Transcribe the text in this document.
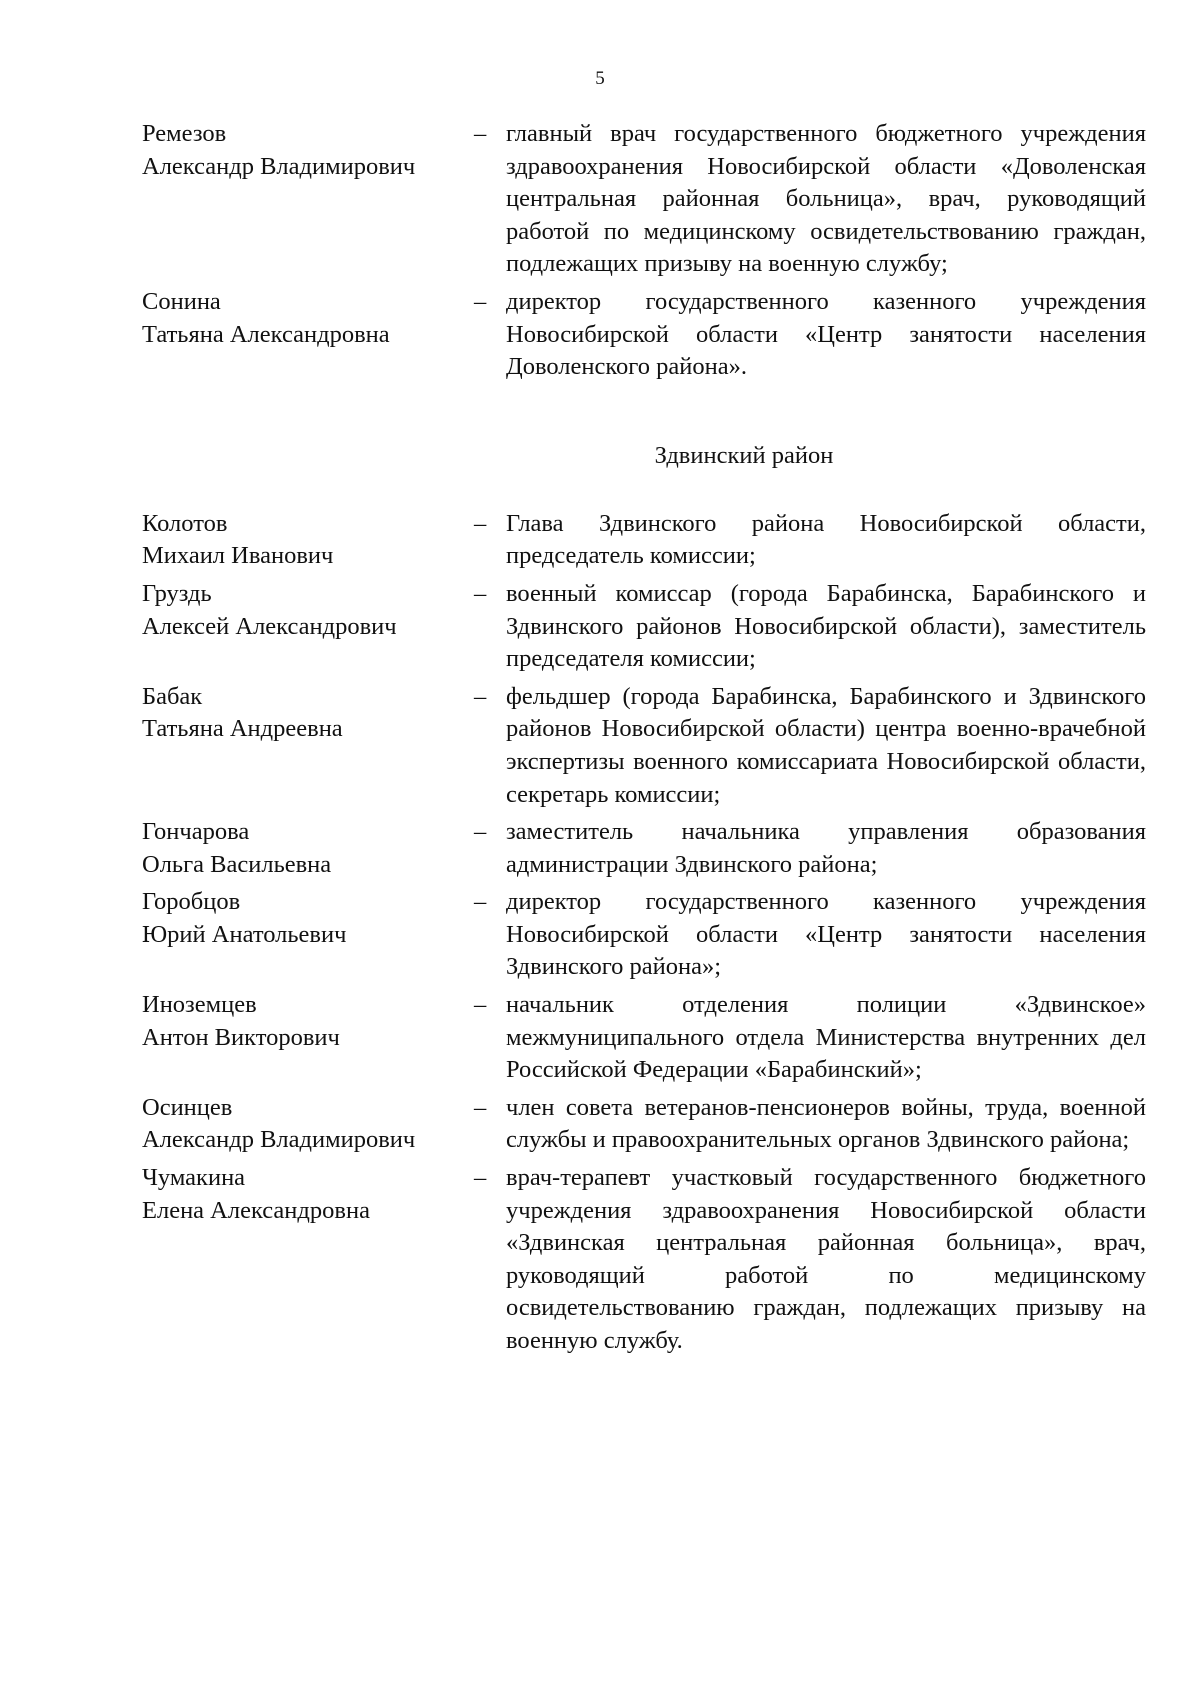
5
Ремезов
Александр Владимирович
– главный врач государственного бюджетного учреждения здравоохранения Новосибирской области «Доволенская центральная районная больница», врач, руководящий работой по медицинскому освидетельствованию граждан, подлежащих призыву на военную службу;
Сонина
Татьяна Александровна
– директор государственного казенного учреждения Новосибирской области «Центр занятости населения Доволенского района».
Здвинский район
Колотов
Михаил Иванович
– Глава Здвинского района Новосибирской области, председатель комиссии;
Груздь
Алексей Александрович
– военный комиссар (города Барабинска, Барабинского и Здвинского районов Новосибирской области), заместитель председателя комиссии;
Бабак
Татьяна Андреевна
– фельдшер (города Барабинска, Барабинского и Здвинского районов Новосибирской области) центра военно-врачебной экспертизы военного комиссариата Новосибирской области, секретарь комиссии;
Гончарова
Ольга Васильевна
– заместитель начальника управления образования администрации Здвинского района;
Горобцов
Юрий Анатольевич
– директор государственного казенного учреждения Новосибирской области «Центр занятости населения Здвинского района»;
Иноземцев
Антон Викторович
– начальник отделения полиции «Здвинское» межмуниципального отдела Министерства внутренних дел Российской Федерации «Барабинский»;
Осинцев
Александр Владимирович
– член совета ветеранов-пенсионеров войны, труда, военной службы и правоохранительных органов Здвинского района;
Чумакина
Елена Александровна
– врач-терапевт участковый государственного бюджетного учреждения здравоохранения Новосибирской области «Здвинская центральная районная больница», врач, руководящий работой по медицинскому освидетельствованию граждан, подлежащих призыву на военную службу.
